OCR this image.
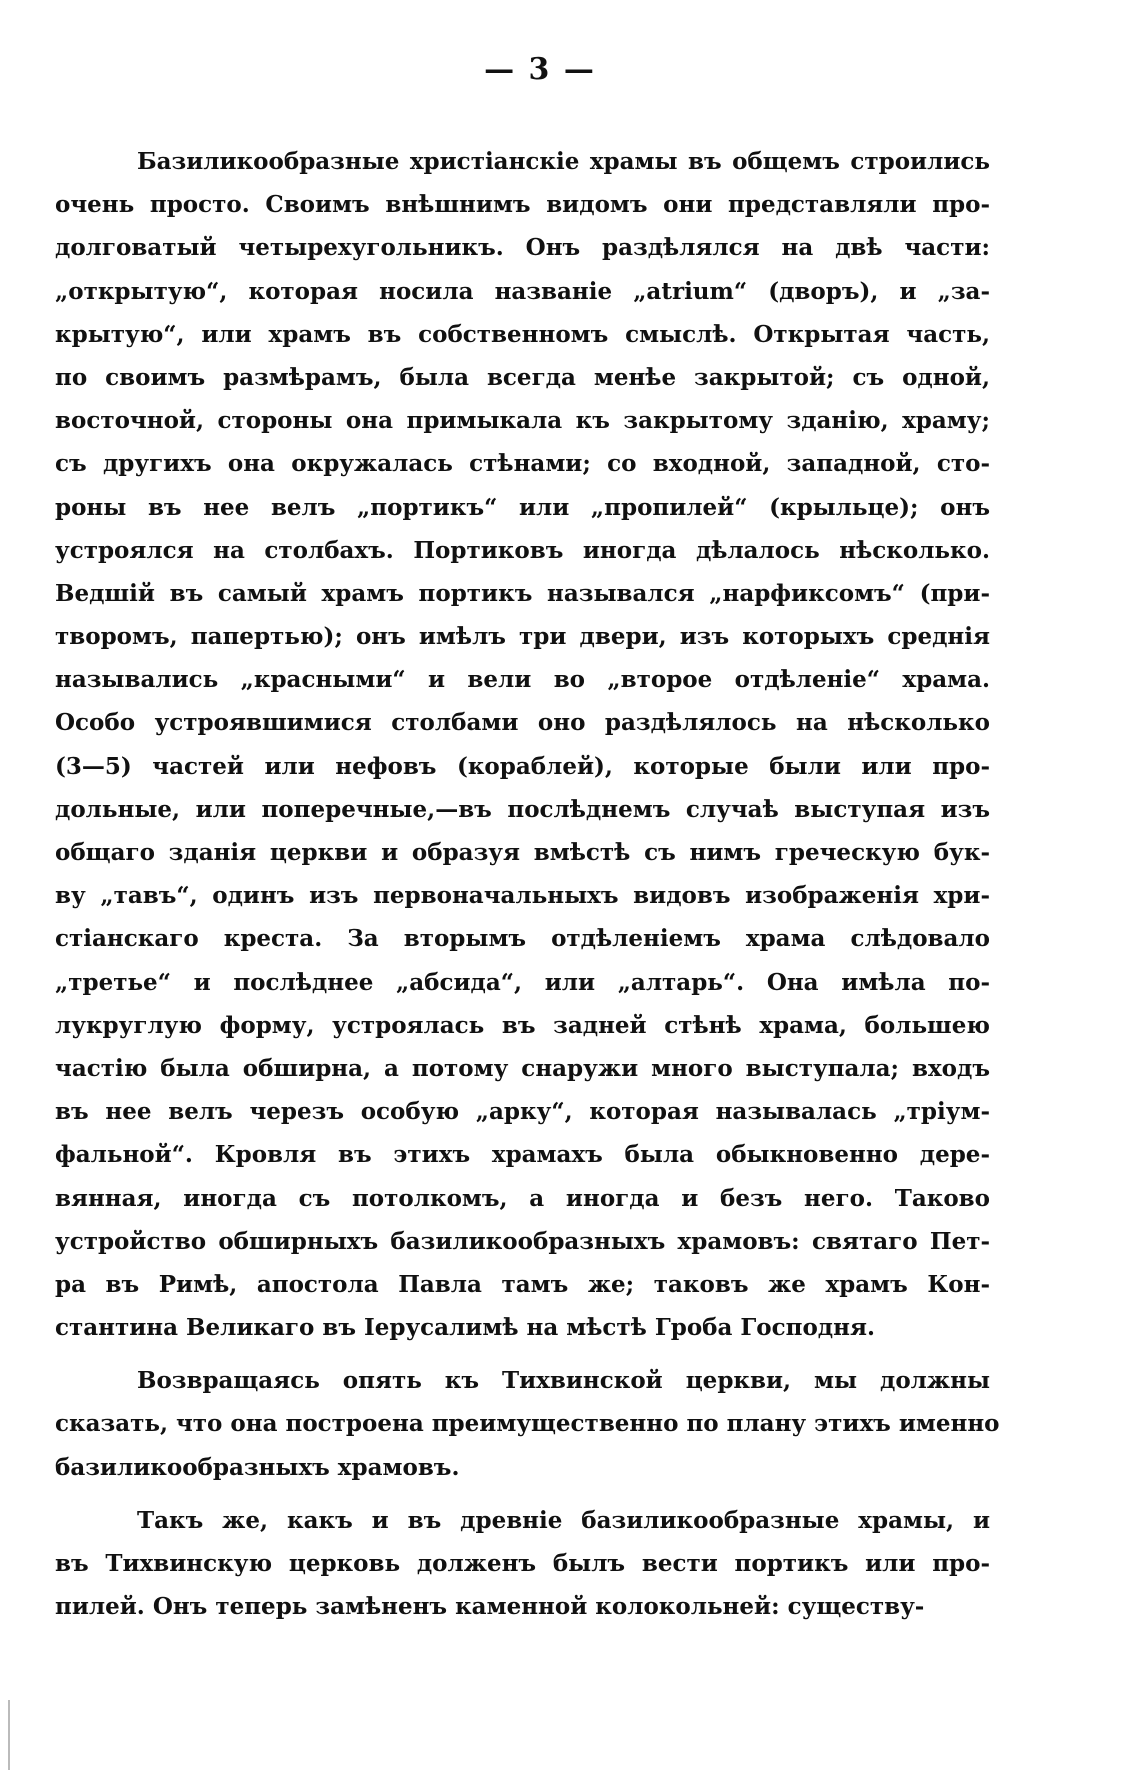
— 3 —
Базиликообразные христіанскіе храмы въ общемъ строились
очень просто. Своимъ внѣшнимъ видомъ они представляли про-
долговатый четырехугольникъ. Онъ раздѣлялся на двѣ части:
„открытую“, которая носила названіе „atrium“ (дворъ), и „за-
крытую“, или храмъ въ собственномъ смыслѣ. Открытая часть,
по своимъ размѣрамъ, была всегда менѣе закрытой; съ одной,
восточной, стороны она примыкала къ закрытому зданію, храму;
съ другихъ она окружалась стѣнами; со входной, западной, сто-
роны въ нее велъ „портикъ“ или „пропилей“ (крыльце); онъ
устроялся на столбахъ. Портиковъ иногда дѣлалось нѣсколько.
Ведшій въ самый храмъ портикъ назывался „нарфиксомъ“ (при-
творомъ, папертью); онъ имѣлъ три двери, изъ которыхъ среднія
назывались „красными“ и вели во „второе отдѣленіе“ храма.
Особо устроявшимися столбами оно раздѣлялось на нѣсколько
(3—5) частей или нефовъ (кораблей), которые были или про-
дольные, или поперечные,—въ послѣднемъ случаѣ выступая изъ
общаго зданія церкви и образуя вмѣстѣ съ нимъ греческую бук-
ву „тавъ“, одинъ изъ первоначальныхъ видовъ изображенія хри-
стіанскаго креста. За вторымъ отдѣленіемъ храма слѣдовало
„третье“ и послѣднее „абсида“, или „алтарь“. Она имѣла по-
лукруглую форму, устроялась въ задней стѣнѣ храма, большею
частію была обширна, а потому снаружи много выступала; входъ
въ нее велъ черезъ особую „арку“, которая называлась „тріум-
фальной“. Кровля въ этихъ храмахъ была обыкновенно дере-
вянная, иногда съ потолкомъ, а иногда и безъ него. Таково
устройство обширныхъ базиликообразныхъ храмовъ: святаго Пет-
ра въ Римѣ, апостола Павла тамъ же; таковъ же храмъ Кон-
стантина Великаго въ Іерусалимѣ на мѣстѣ Гроба Господня.
Возвращаясь опять къ Тихвинской церкви, мы должны
сказать, что она построена преимущественно по плану этихъ именно
базиликообразныхъ храмовъ.
Такъ же, какъ и въ древніе базиликообразные храмы, и
въ Тихвинскую церковь долженъ былъ вести портикъ или про-
пилей. Онъ теперь замѣненъ каменной колокольней: существу-
